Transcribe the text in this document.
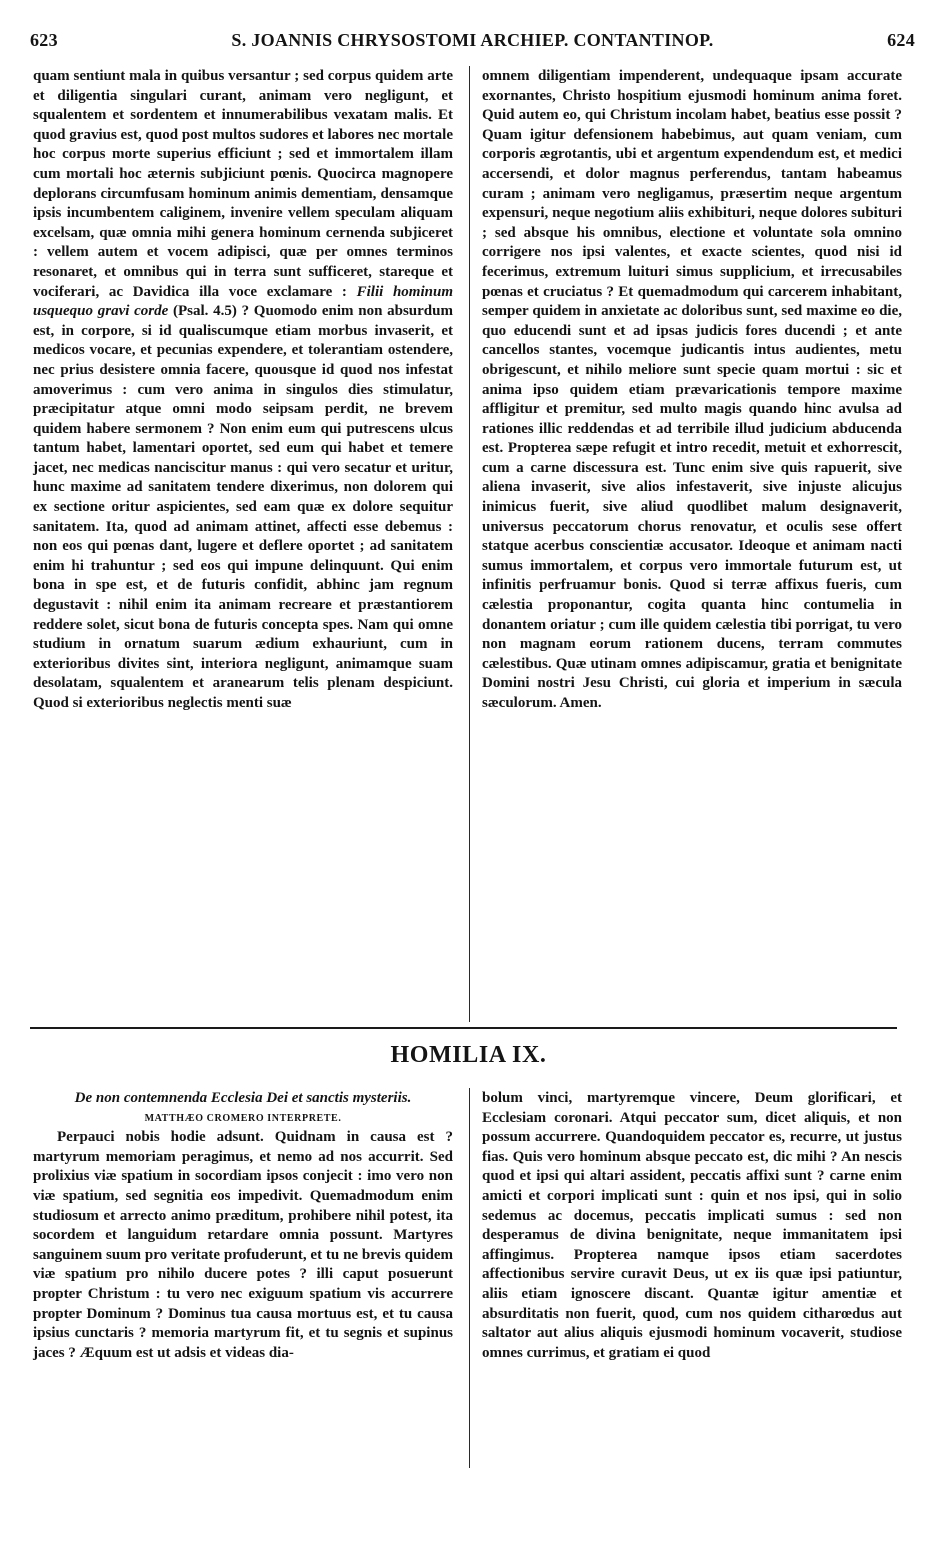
623	S. JOANNIS CHRYSOSTOMI ARCHIEP. CONTANTINOP.	624

quam sentiunt mala in quibus versantur ; sed corpus quidem arte et diligentia singulari curant, animam vero negligunt, et squalentem et sordentem et innumerabilibus vexatam malis. Et quod gravius est, quod post multos sudores et labores nec mortale hoc corpus morte superius efficiunt ; sed et immortalem illam cum mortali hoc æternis subjiciunt pœnis. Quocirca magnopere deplorans circumfusam hominum animis dementiam, densamque ipsis incumbentem caliginem, invenire vellem speculam aliquam excelsam, quæ omnia mihi genera hominum cernenda subjiceret : vellem autem et vocem adipisci, quæ per omnes terminos resonaret, et omnibus qui in terra sunt sufficeret, stareque et vociferari, ac Davidica illa voce exclamare : Filii hominum usquequo gravi corde (Psal. 4.5) ? Quomodo enim non absurdum est, in corpore, si id qualiscumque etiam morbus invaserit, et medicos vocare, et pecunias expendere, et tolerantiam ostendere, nec prius desistere omnia facere, quousque id quod nos infestat amoverimus : cum vero anima in singulos dies stimulatur, præcipitatur atque omni modo seipsam perdit, ne brevem quidem habere sermonem ? Non enim eum qui putrescens ulcus tantum habet, lamentari oportet, sed eum qui habet et temere jacet, nec medicas nanciscitur manus : qui vero secatur et uritur, hunc maxime ad sanitatem tendere dixerimus, non dolorem qui ex sectione oritur aspicientes, sed eam quæ ex dolore sequitur sanitatem. Ita, quod ad animam attinet, affecti esse debemus : non eos qui pœnas dant, lugere et deflere oportet ; ad sanitatem enim hi trahuntur ; sed eos qui impune delinquunt. Qui enim bona in spe est, et de futuris confidit, abhinc jam regnum degustavit : nihil enim ita animam recreare et præstantiorem reddere solet, sicut bona de futuris concepta spes. Nam qui omne studium in ornatum suarum ædium exhauriunt, cum in exterioribus divites sint, interiora negligunt, animamque suam desolatam, squalentem et aranearum telis plenam despiciunt. Quod si exterioribus neglectis menti suæ

omnem diligentiam impenderent, undequaque ipsam accurate exornantes, Christo hospitium ejusmodi hominum anima foret. Quid autem eo, qui Christum incolam habet, beatius esse possit ? Quam igitur defensionem habebimus, aut quam veniam, cum corporis ægrotantis, ubi et argentum expendendum est, et medici accersendi, et dolor magnus perferendus, tantam habeamus curam ; animam vero negligamus, præsertim neque argentum expensuri, neque negotium aliis exhibituri, neque dolores subituri ; sed absque his omnibus, electione et voluntate sola omnino corrigere nos ipsi valentes, et exacte scientes, quod nisi id fecerimus, extremum luituri simus supplicium, et irrecusabiles pœnas et cruciatus ? Et quemadmodum qui carcerem inhabitant, semper quidem in anxietate ac doloribus sunt, sed maxime eo die, quo educendi sunt et ad ipsas judicis fores ducendi ; et ante cancellos stantes, vocemque judicantis intus audientes, metu obrigescunt, et nihilo meliore sunt specie quam mortui : sic et anima ipso quidem etiam prævaricationis tempore maxime affligitur et premitur, sed multo magis quando hinc avulsa ad rationes illic reddendas et ad terribile illud judicium abducenda est. Propterea sæpe refugit et intro recedit, metuit et exhorrescit, cum a carne discessura est. Tunc enim sive quis rapuerit, sive aliena invaserit, sive alios infestaverit, sive injuste alicujus inimicus fuerit, sive aliud quodlibet malum designaverit, universus peccatorum chorus renovatur, et oculis sese offert statque acerbus conscientiæ accusator. Ideoque et animam nacti sumus immortalem, et corpus vero immortale futurum est, ut infinitis perfruamur bonis. Quod si terræ affixus fueris, cum cælestia proponantur, cogita quanta hinc contumelia in donantem oriatur ; cum ille quidem cælestia tibi porrigat, tu vero non magnam eorum rationem ducens, terram commutes cælestibus. Quæ utinam omnes adipiscamur, gratia et benignitate Domini nostri Jesu Christi, cui gloria et imperium in sæcula sæculorum. Amen.

HOMILIA IX.

De non contemnenda Ecclesia Dei et sanctis mysteriis.

MATTHÆO CROMERO INTERPRETE.

Perpauci nobis hodie adsunt. Quidnam in causa est ? martyrum memoriam peragimus, et nemo ad nos accurrit. Sed prolixius viæ spatium in socordiam ipsos conjecit : imo vero non viæ spatium, sed segnitia eos impedivit. Quemadmodum enim studiosum et arrecto animo præditum, prohibere nihil potest, ita socordem et languidum retardare omnia possunt. Martyres sanguinem suum pro veritate profuderunt, et tu ne brevis quidem viæ spatium pro nihilo ducere potes ? illi caput posuerunt propter Christum : tu vero nec exiguum spatium vis accurrere propter Dominum ? Dominus tua causa mortuus est, et tu causa ipsius cunctaris ? memoria martyrum fit, et tu segnis et supinus jaces ? Æquum est ut adsis et videas dia-

bolum vinci, martyremque vincere, Deum glorificari, et Ecclesiam coronari. Atqui peccator sum, dicet aliquis, et non possum accurrere. Quandoquidem peccator es, recurre, ut justus fias. Quis vero hominum absque peccato est, dic mihi ? An nescis quod et ipsi qui altari assident, peccatis affixi sunt ? carne enim amicti et corpori implicati sunt : quin et nos ipsi, qui in solio sedemus ac docemus, peccatis implicati sumus : sed non desperamus de divina benignitate, neque immanitatem ipsi affingimus. Propterea namque ipsos etiam sacerdotes affectionibus servire curavit Deus, ut ex iis quæ ipsi patiuntur, aliis etiam ignoscere discant. Quantæ igitur amentiæ et absurditatis non fuerit, quod, cum nos quidem citharœdus aut saltator aut alius aliquis ejusmodi hominum vocaverit, studiose omnes currimus, et gratiam ei quod
